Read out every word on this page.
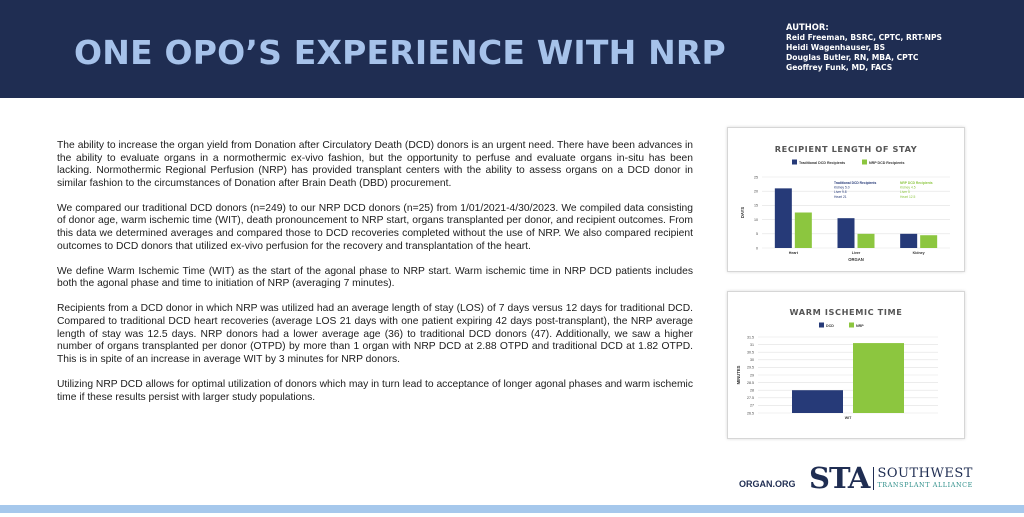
ONE OPO’S EXPERIENCE WITH NRP
AUTHOR:
Reid Freeman, BSRC, CPTC, RRT-NPS
Heidi Wagenhauser, BS
Douglas Butler, RN, MBA, CPTC
Geoffrey Funk, MD, FACS

The ability to increase the organ yield from Donation after Circulatory Death (DCD) donors is an urgent need. There have been advances in the ability to evaluate organs in a normothermic ex-vivo fashion, but the opportunity to perfuse and evaluate organs in-situ has been lacking. Normothermic Regional Perfusion (NRP) has provided transplant centers with the ability to assess organs on a DCD donor in similar fashion to the circumstances of Donation after Brain Death (DBD) procurement.

We compared our traditional DCD donors (n=249) to our NRP DCD donors (n=25) from 1/01/2021-4/30/2023. We compiled data consisting of donor age, warm ischemic time (WIT), death pronouncement to NRP start, organs transplanted per donor, and recipient outcomes. From this data we determined averages and compared those to DCD recoveries completed without the use of NRP. We also compared recipient outcomes to DCD donors that utilized ex-vivo perfusion for the recovery and transplantation of the heart.

We define Warm Ischemic Time (WIT) as the start of the agonal phase to NRP start. Warm ischemic time in NRP DCD patients includes both the agonal phase and time to initiation of NRP (averaging 7 minutes).

Recipients from a DCD donor in which NRP was utilized had an average length of stay (LOS) of 7 days versus 12 days for traditional DCD. Compared to traditional DCD heart recoveries (average LOS 21 days with one patient expiring 42 days post-transplant), the NRP average length of stay was 12.5 days. NRP donors had a lower average age (36) to traditional DCD donors (47). Additionally, we saw a higher number of organs transplanted per donor (OTPD) by more than 1 organ with NRP DCD at 2.88 OTPD and traditional DCD at 1.82 OTPD. This is in spite of an increase in average WIT by 3 minutes for NRP donors.

Utilizing NRP DCD allows for optimal utilization of donors which may in turn lead to acceptance of longer agonal phases and warm ischemic time if these results persist with larger study populations.

RECIPIENT LENGTH OF STAY
Traditional DCD Recipients	NRP DCD Recipients
0
5
10
15
20
25
DAYS
Heart	Liver	Kidney
ORGAN
Traditional DCD Recipients
Kidney 5.0
Liver 9.8
Heart 21
NRP DCD Recipients
Kidney 4.5
Liver 5
Heart 12.5
WARM ISCHEMIC TIME
DCD	NRP
26.5
27
27.5
28
28.5
29
29.5
30
30.5
31
31.5
MINUTES
WIT
ORGAN.ORG STA SOUTHWEST
TRANSPLANT ALLIANCE
